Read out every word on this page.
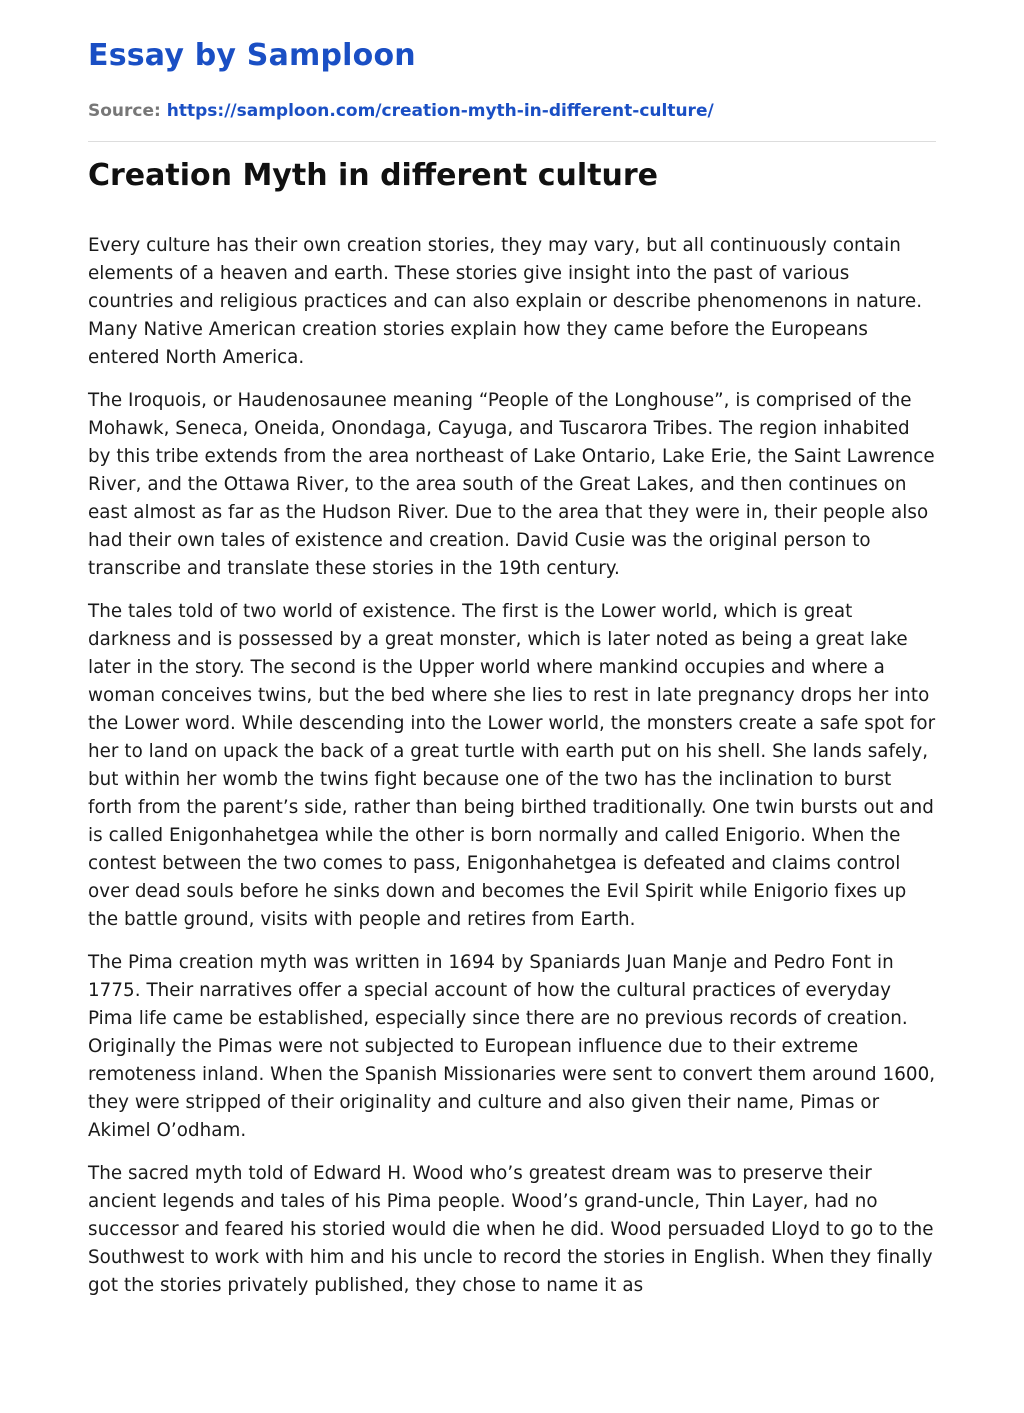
Essay by Samploon
Source: https://samploon.com/creation-myth-in-different-culture/
Creation Myth in different culture

Every culture has their own creation stories, they may vary, but all continuously contain elements of a heaven and earth. These stories give insight into the past of various countries and religious practices and can also explain or describe phenomenons in nature. Many Native American creation stories explain how they came before the Europeans entered North America.

The Iroquois, or Haudenosaunee meaning “People of the Longhouse”, is comprised of the Mohawk, Seneca, Oneida, Onondaga, Cayuga, and Tuscarora Tribes. The region inhabited by this tribe extends from the area northeast of Lake Ontario, Lake Erie, the Saint Lawrence River, and the Ottawa River, to the area south of the Great Lakes, and then continues on east almost as far as the Hudson River. Due to the area that they were in, their people also had their own tales of existence and creation. David Cusie was the original person to transcribe and translate these stories in the 19th century.

The tales told of two world of existence. The first is the Lower world, which is great darkness and is possessed by a great monster, which is later noted as being a great lake later in the story. The second is the Upper world where mankind occupies and where a woman conceives twins, but the bed where she lies to rest in late pregnancy drops her into the Lower word. While descending into the Lower world, the monsters create a safe spot for her to land on upack the back of a great turtle with earth put on his shell. She lands safely, but within her womb the twins fight because one of the two has the inclination to burst forth from the parent’s side, rather than being birthed traditionally. One twin bursts out and is called Enigonhahetgea while the other is born normally and called Enigorio. When the contest between the two comes to pass, Enigonhahetgea is defeated and claims control over dead souls before he sinks down and becomes the Evil Spirit while Enigorio fixes up the battle ground, visits with people and retires from Earth.

The Pima creation myth was written in 1694 by Spaniards Juan Manje and Pedro Font in 1775. Their narratives offer a special account of how the cultural practices of everyday Pima life came be established, especially since there are no previous records of creation. Originally the Pimas were not subjected to European influence due to their extreme remoteness inland. When the Spanish Missionaries were sent to convert them around 1600, they were stripped of their originality and culture and also given their name, Pimas or Akimel O’odham.

The sacred myth told of Edward H. Wood who’s greatest dream was to preserve their ancient legends and tales of his Pima people. Wood’s grand-uncle, Thin Layer, had no successor and feared his storied would die when he did. Wood persuaded Lloyd to go to the Southwest to work with him and his uncle to record the stories in English. When they finally got the stories privately published, they chose to name it as
